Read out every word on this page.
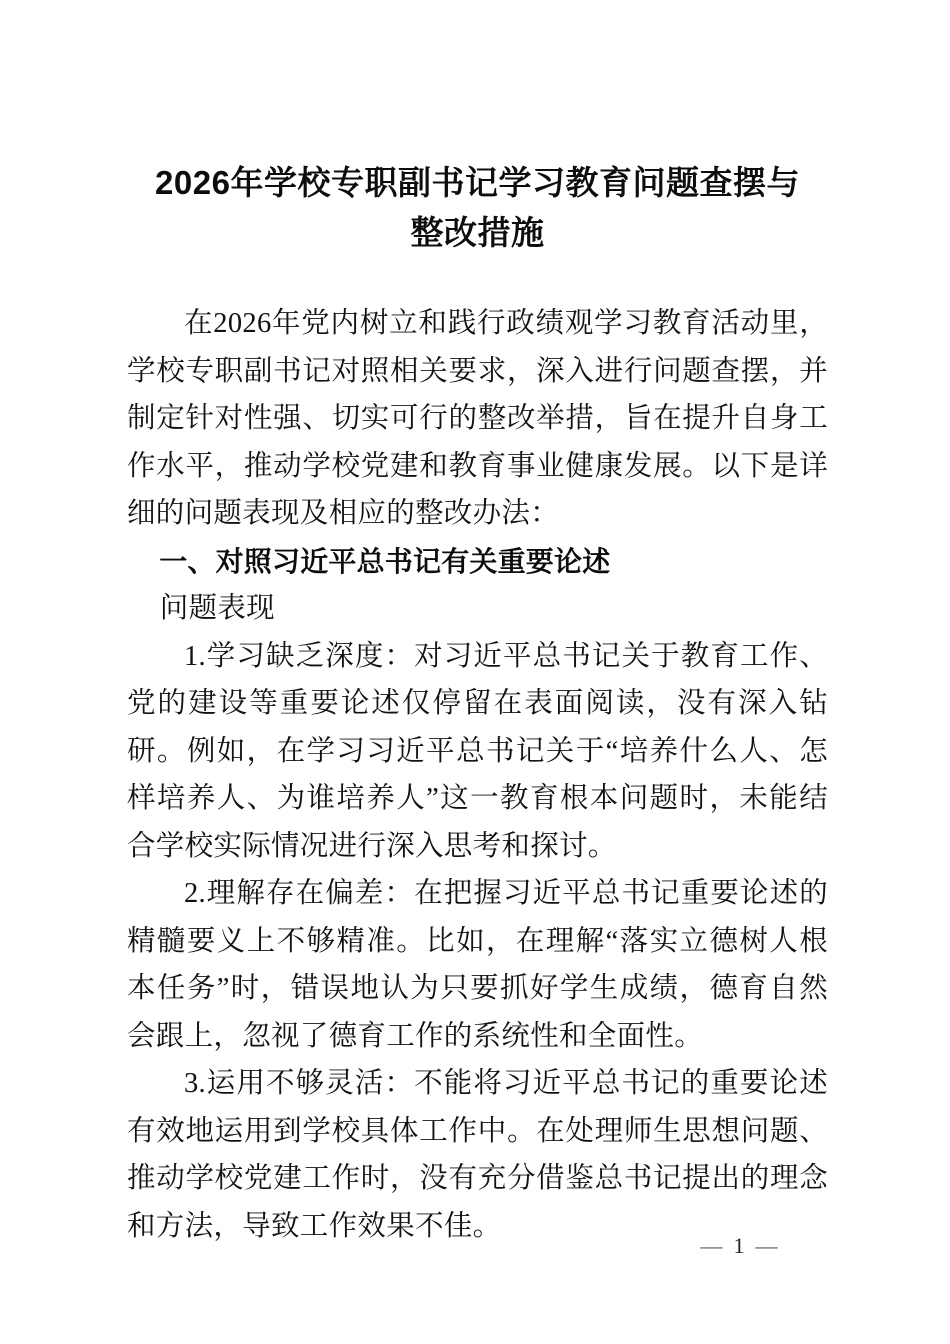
2026年学校专职副书记学习教育问题查摆与
整改措施

在2026年党内树立和践行政绩观学习教育活动里，学校专职副书记对照相关要求，深入进行问题查摆，并制定针对性强、切实可行的整改举措，旨在提升自身工作水平，推动学校党建和教育事业健康发展。以下是详细的问题表现及相应的整改办法：

一、对照习近平总书记有关重要论述

问题表现

1.学习缺乏深度：对习近平总书记关于教育工作、党的建设等重要论述仅停留在表面阅读，没有深入钻研。例如，在学习习近平总书记关于“培养什么人、怎样培养人、为谁培养人”这一教育根本问题时，未能结合学校实际情况进行深入思考和探讨。

2.理解存在偏差：在把握习近平总书记重要论述的精髓要义上不够精准。比如，在理解“落实立德树人根本任务”时，错误地认为只要抓好学生成绩，德育自然会跟上，忽视了德育工作的系统性和全面性。

3.运用不够灵活：不能将习近平总书记的重要论述有效地运用到学校具体工作中。在处理师生思想问题、推动学校党建工作时，没有充分借鉴总书记提出的理念和方法，导致工作效果不佳。

— 1 —
